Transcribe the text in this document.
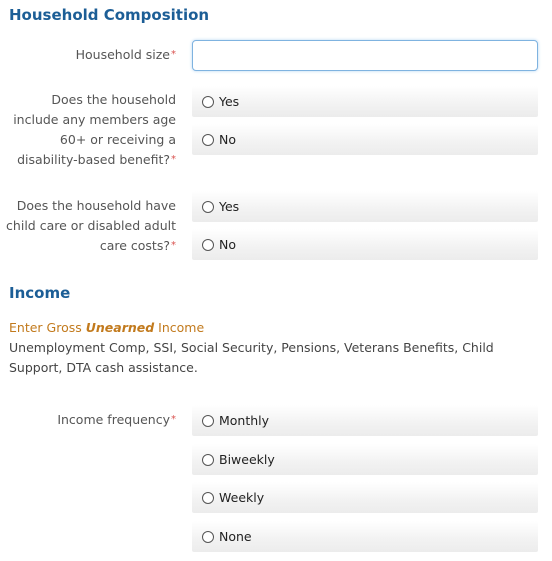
Household Composition
Household size*
Does the household include any members age 60+ or receiving a disability-based benefit?*
Yes
No
Does the household have child care or disabled adult care costs?*
Yes
No
Income
Enter Gross Unearned Income
Unemployment Comp, SSI, Social Security, Pensions, Veterans Benefits, Child Support, DTA cash assistance.
Income frequency*	Monthly
Biweekly
Weekly
None
